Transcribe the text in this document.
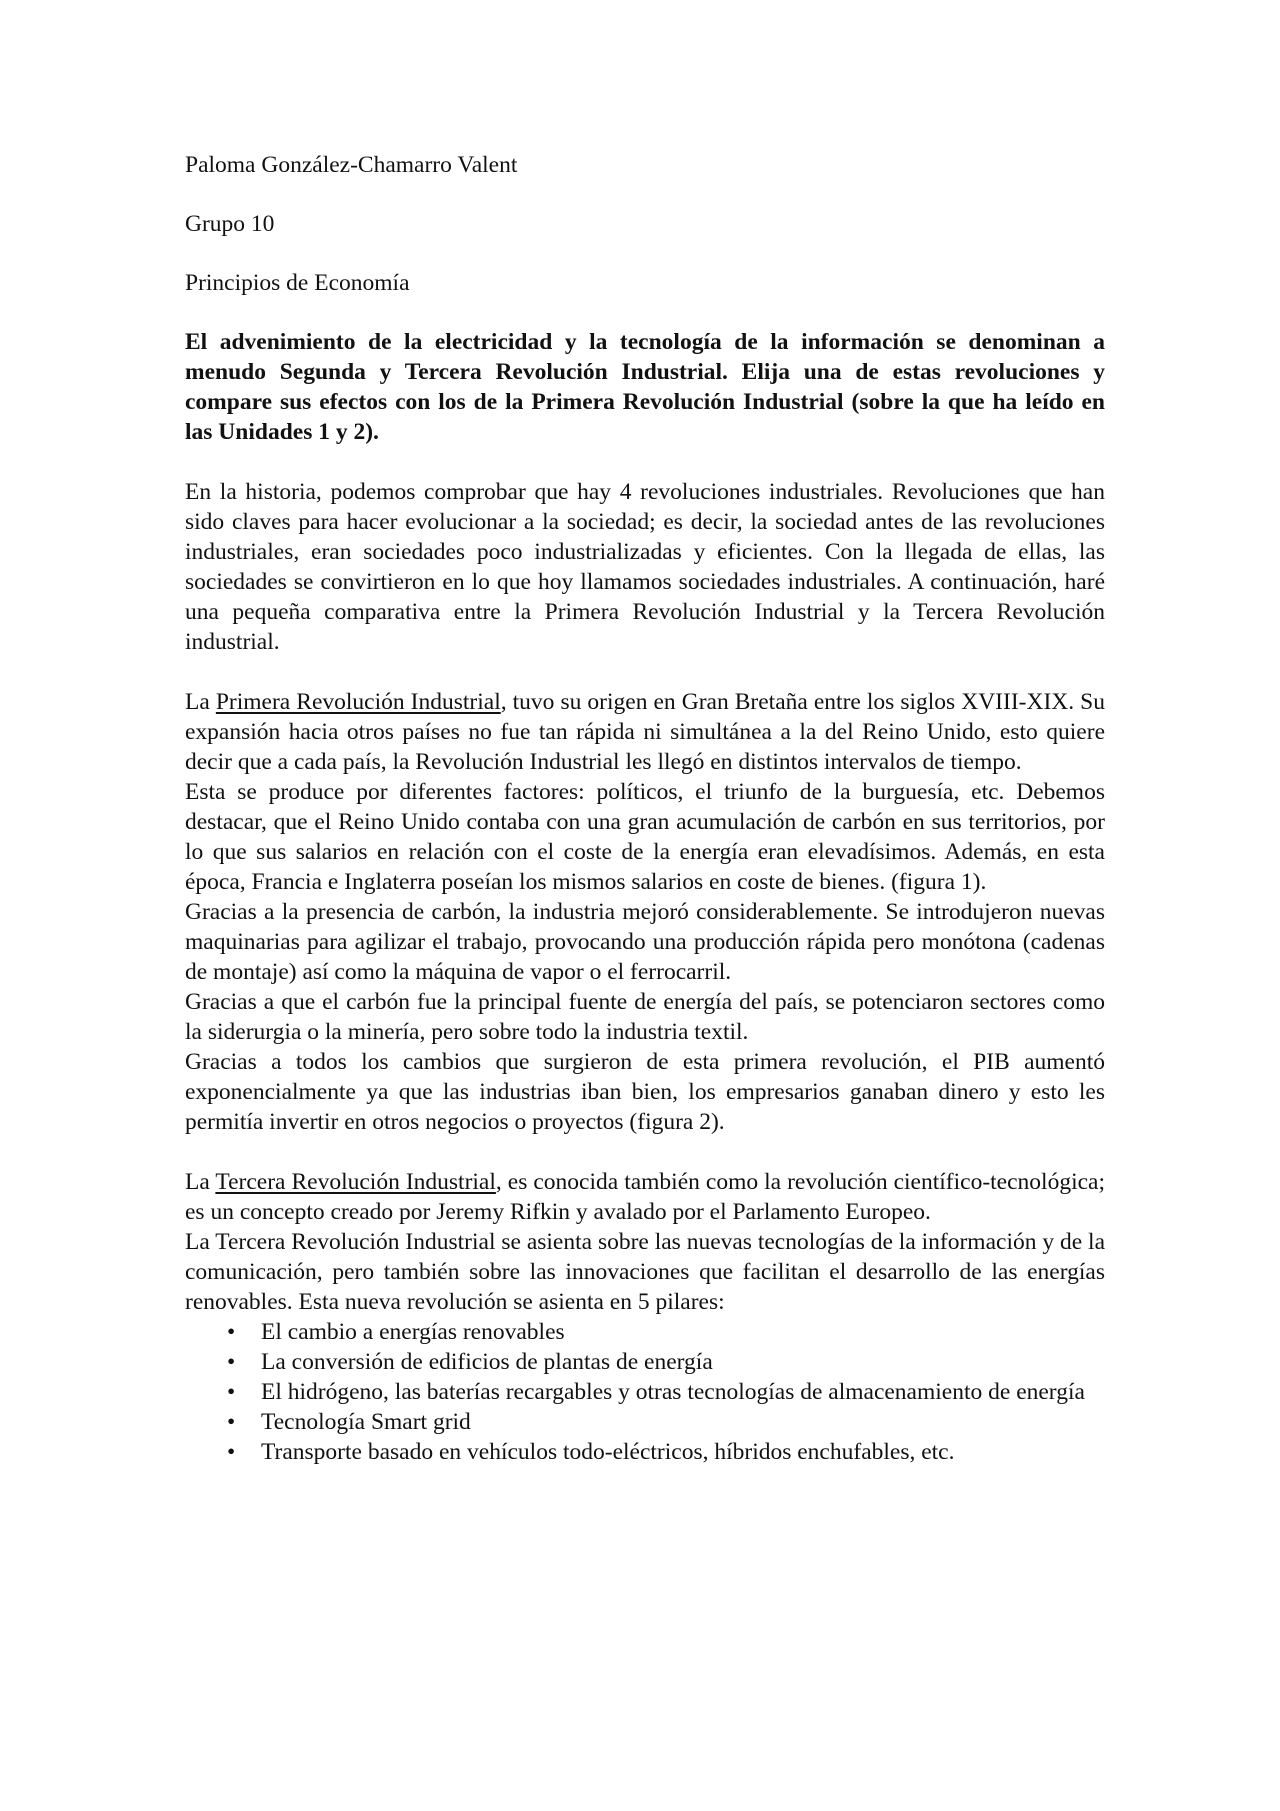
Paloma González-Chamarro Valent
Grupo 10
Principios de Economía

El advenimiento de la electricidad y la tecnología de la información se denominan a menudo Segunda y Tercera Revolución Industrial. Elija una de estas revoluciones y compare sus efectos con los de la Primera Revolución Industrial (sobre la que ha leído en las Unidades 1 y 2).

En la historia, podemos comprobar que hay 4 revoluciones industriales. Revoluciones que han sido claves para hacer evolucionar a la sociedad; es decir, la sociedad antes de las revoluciones industriales, eran sociedades poco industrializadas y eficientes. Con la llegada de ellas, las sociedades se convirtieron en lo que hoy llamamos sociedades industriales. A continuación, haré una pequeña comparativa entre la Primera Revolución Industrial y la Tercera Revolución industrial.

La Primera Revolución Industrial, tuvo su origen en Gran Bretaña entre los siglos XVIII-XIX. Su expansión hacia otros países no fue tan rápida ni simultánea a la del Reino Unido, esto quiere decir que a cada país, la Revolución Industrial les llegó en distintos intervalos de tiempo.

Esta se produce por diferentes factores: políticos, el triunfo de la burguesía, etc. Debemos destacar, que el Reino Unido contaba con una gran acumulación de carbón en sus territorios, por lo que sus salarios en relación con el coste de la energía eran elevadísimos. Además, en esta época, Francia e Inglaterra poseían los mismos salarios en coste de bienes. (figura 1).

Gracias a la presencia de carbón, la industria mejoró considerablemente. Se introdujeron nuevas maquinarias para agilizar el trabajo, provocando una producción rápida pero monótona (cadenas de montaje) así como la máquina de vapor o el ferrocarril.

Gracias a que el carbón fue la principal fuente de energía del país, se potenciaron sectores como la siderurgia o la minería, pero sobre todo la industria textil.

Gracias a todos los cambios que surgieron de esta primera revolución, el PIB aumentó exponencialmente ya que las industrias iban bien, los empresarios ganaban dinero y esto les permitía invertir en otros negocios o proyectos (figura 2).

La Tercera Revolución Industrial, es conocida también como la revolución científico-tecnológica; es un concepto creado por Jeremy Rifkin y avalado por el Parlamento Europeo.

La Tercera Revolución Industrial se asienta sobre las nuevas tecnologías de la información y de la comunicación, pero también sobre las innovaciones que facilitan el desarrollo de las energías renovables. Esta nueva revolución se asienta en 5 pilares:

• El cambio a energías renovables
• La conversión de edificios de plantas de energía
• El hidrógeno, las baterías recargables y otras tecnologías de almacenamiento de energía
• Tecnología Smart grid
• Transporte basado en vehículos todo-eléctricos, híbridos enchufables, etc.
